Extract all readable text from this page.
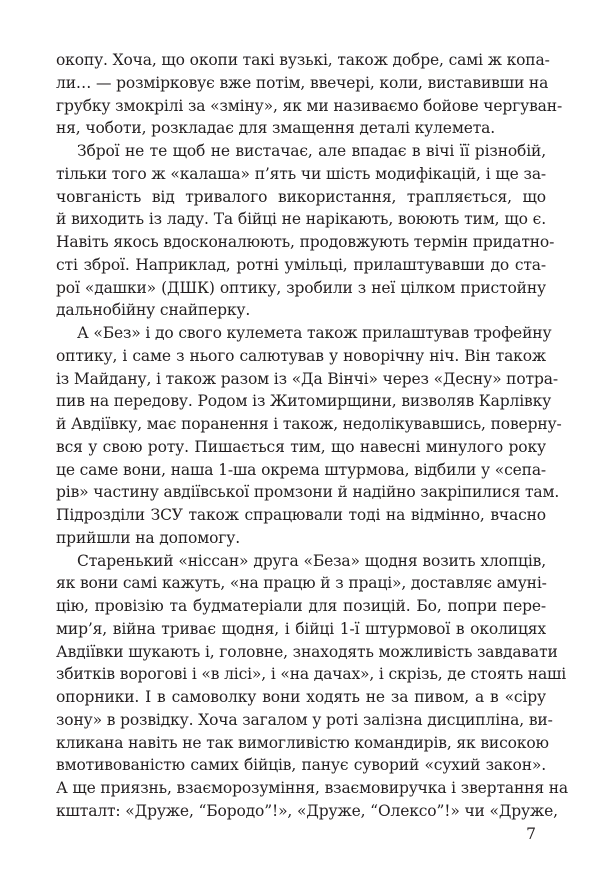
окопу. Хоча, що окопи такі вузькі, також добре, самі ж копа-
ли… — розмірковує вже потім, ввечері, коли, виставивши на
грубку змокрілі за «зміну», як ми називаємо бойове чергуван-
ня, чоботи, розкладає для змащення деталі кулемета.

Зброї не те щоб не вистачає, але впадає в вічі її різнобій,
тільки того ж «калаша» п’ять чи шість модифікацій, і ще за-
човганість від тривалого використання, трапляється, що
й виходить із ладу. Та бійці не нарікають, воюють тим, що є.
Навіть якось вдосконалюють, продовжують термін придатно-
сті зброї. Наприклад, ротні умільці, прилаштувавши до ста-
рої «дашки» (ДШК) оптику, зробили з неї цілком пристойну
дальнобійну снайперку.

А «Без» і до свого кулемета також прилаштував трофейну
оптику, і саме з нього салютував у новорічну ніч. Він також
із Майдану, і також разом із «Да Вінчі» через «Десну» потра-
пив на передову. Родом із Житомирщини, визволяв Карлівку
й Авдіївку, має поранення і також, недолікувавшись, поверну-
вся у свою роту. Пишається тим, що навесні минулого року
це саме вони, наша 1-ша окрема штурмова, відбили у «сепа-
рів» частину авдіївської промзони й надійно закріпилися там.
Підрозділи ЗСУ також спрацювали тоді на відмінно, вчасно
прийшли на допомогу.

Старенький «ніссан» друга «Беза» щодня возить хлопців,
як вони самі кажуть, «на працю й з праці», доставляє амуні-
цію, провізію та будматеріали для позицій. Бо, попри пере-
мир’я, війна триває щодня, і бійці 1-ї штурмової в околицях
Авдіївки шукають і, головне, знаходять можливість завдавати
збитків ворогові і «в лісі», і «на дачах», і скрізь, де стоять наші
опорники. І в самоволку вони ходять не за пивом, а в «сіру
зону» в розвідку. Хоча загалом у роті залізна дисципліна, ви-
кликана навіть не так вимогливістю командирів, як високою
вмотивованістю самих бійців, панує суворий «сухий закон».
А ще приязнь, взаєморозуміння, взаємовиручка і звертання на
кшталт: «Друже, “Бородо”!», «Друже, “Олексо”!» чи «Друже,

7
